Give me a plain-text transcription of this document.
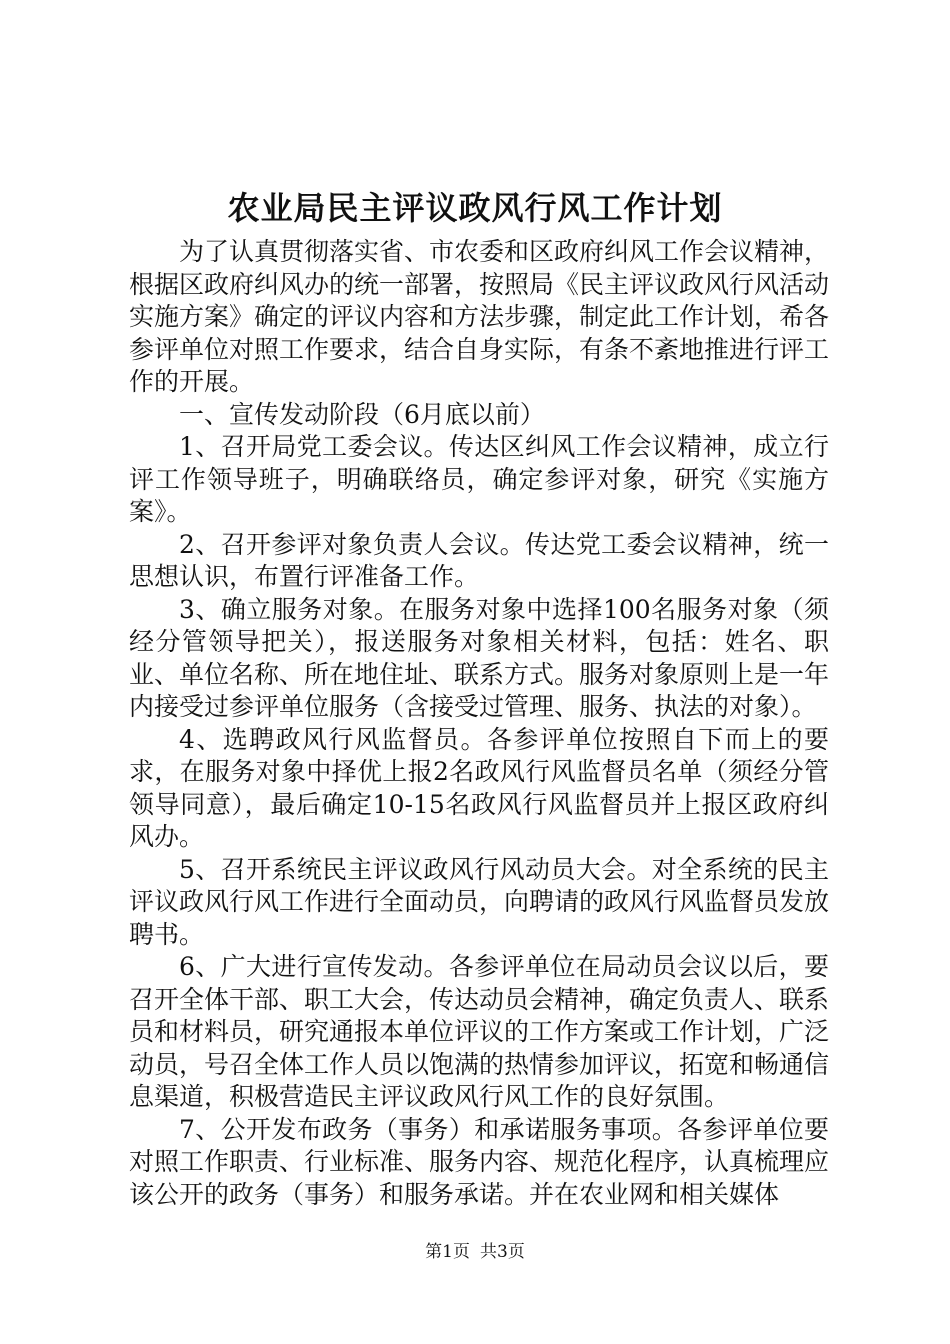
农业局民主评议政风行风工作计划

为了认真贯彻落实省、市农委和区政府纠风工作会议精神，根据区政府纠风办的统一部署，按照局《民主评议政风行风活动实施方案》确定的评议内容和方法步骤，制定此工作计划，希各参评单位对照工作要求，结合自身实际，有条不紊地推进行评工作的开展。

一、宣传发动阶段（6月底以前）

1、召开局党工委会议。传达区纠风工作会议精神，成立行评工作领导班子，明确联络员，确定参评对象，研究《实施方案》。

2、召开参评对象负责人会议。传达党工委会议精神，统一思想认识，布置行评准备工作。

3、确立服务对象。在服务对象中选择100名服务对象（须经分管领导把关），报送服务对象相关材料，包括：姓名、职业、单位名称、所在地住址、联系方式。服务对象原则上是一年内接受过参评单位服务（含接受过管理、服务、执法的对象）。

4、选聘政风行风监督员。各参评单位按照自下而上的要求，在服务对象中择优上报2名政风行风监督员名单（须经分管领导同意），最后确定10-15名政风行风监督员并上报区政府纠风办。

5、召开系统民主评议政风行风动员大会。对全系统的民主评议政风行风工作进行全面动员，向聘请的政风行风监督员发放聘书。

6、广大进行宣传发动。各参评单位在局动员会议以后，要召开全体干部、职工大会，传达动员会精神，确定负责人、联系员和材料员，研究通报本单位评议的工作方案或工作计划，广泛动员，号召全体工作人员以饱满的热情参加评议，拓宽和畅通信息渠道，积极营造民主评议政风行风工作的良好氛围。

7、公开发布政务（事务）和承诺服务事项。各参评单位要对照工作职责、行业标准、服务内容、规范化程序，认真梳理应该公开的政务（事务）和服务承诺。并在农业网和相关媒体

第1页 共3页
